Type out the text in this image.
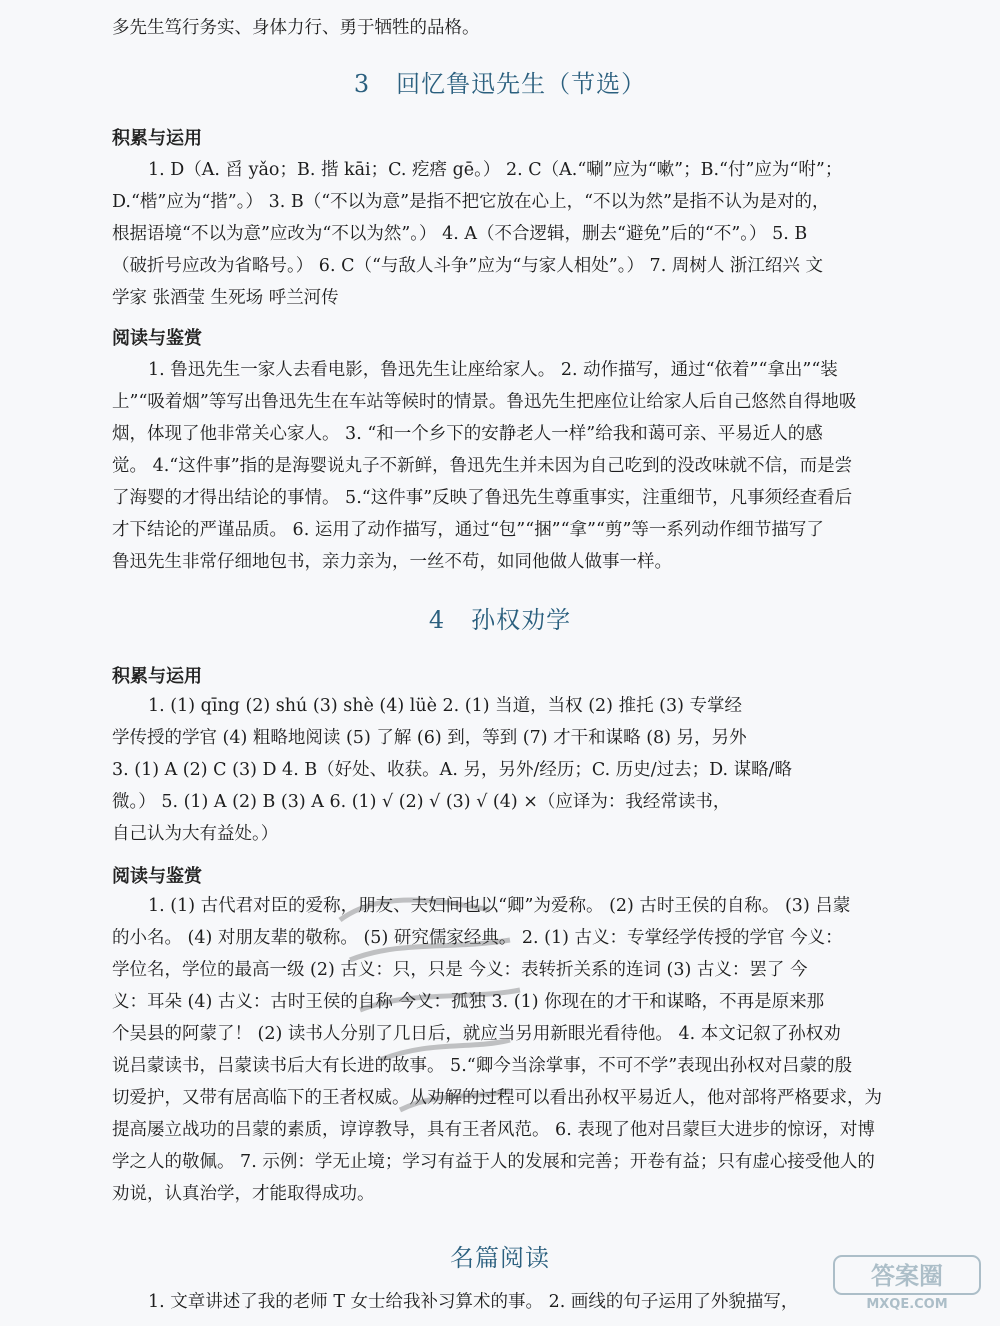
多先生笃行务实、身体力行、勇于牺牲的品格。
3 回忆鲁迅先生（节选）
积累与运用
1. D（A. 舀 yǎo；B. 揩 kāi；C. 疙瘩 gē。） 2. C（A.“唰”应为“嗽”；B.“付”应为“咐”；
D.“楷”应为“揩”。） 3. B（“不以为意”是指不把它放在心上，“不以为然”是指不认为是对的，
根据语境“不以为意”应改为“不以为然”。） 4. A（不合逻辑，删去“避免”后的“不”。） 5. B
（破折号应改为省略号。） 6. C（“与敌人斗争”应为“与家人相处”。） 7. 周树人 浙江绍兴 文
学家 张酒莹 生死场 呼兰河传
阅读与鉴赏
1. 鲁迅先生一家人去看电影，鲁迅先生让座给家人。 2. 动作描写，通过“依着”“拿出”“装
上”“吸着烟”等写出鲁迅先生在车站等候时的情景。鲁迅先生把座位让给家人后自己悠然自得地吸
烟，体现了他非常关心家人。 3. “和一个乡下的安静老人一样”给我和蔼可亲、平易近人的感
觉。 4.“这件事”指的是海婴说丸子不新鲜，鲁迅先生并未因为自己吃到的没改味就不信，而是尝
了海婴的才得出结论的事情。 5.“这件事”反映了鲁迅先生尊重事实，注重细节，凡事须经查看后
才下结论的严谨品质。 6. 运用了动作描写，通过“包”“捆”“拿”“剪”等一系列动作细节描写了
鲁迅先生非常仔细地包书，亲力亲为，一丝不苟，如同他做人做事一样。
4 孙权劝学
积累与运用
1. (1) qīng (2) shú (3) shè (4) lüè 2. (1) 当道，当权 (2) 推托 (3) 专掌经
学传授的学官 (4) 粗略地阅读 (5) 了解 (6) 到，等到 (7) 才干和谋略 (8) 另，另外
3. (1) A (2) C (3) D 4. B（好处、收获。A. 另，另外/经历；C. 历史/过去；D. 谋略/略
微。） 5. (1) A (2) B (3) A 6. (1) √ (2) √ (3) √ (4) ×（应译为：我经常读书，
自己认为大有益处。）
阅读与鉴赏
1. (1) 古代君对臣的爱称，朋友、夫妇间也以“卿”为爱称。 (2) 古时王侯的自称。 (3) 吕蒙
的小名。 (4) 对朋友辈的敬称。 (5) 研究儒家经典。 2. (1) 古义：专掌经学传授的学官 今义：
学位名，学位的最高一级 (2) 古义：只，只是 今义：表转折关系的连词 (3) 古义：罢了 今
义：耳朵 (4) 古义：古时王侯的自称 今义：孤独 3. (1) 你现在的才干和谋略，不再是原来那
个吴县的阿蒙了！ (2) 读书人分别了几日后，就应当另用新眼光看待他。 4. 本文记叙了孙权劝
说吕蒙读书，吕蒙读书后大有长进的故事。 5.“卿今当涂掌事，不可不学”表现出孙权对吕蒙的殷
切爱护，又带有居高临下的王者权威。从劝解的过程可以看出孙权平易近人，他对部将严格要求，为
提高屡立战功的吕蒙的素质，谆谆教导，具有王者风范。 6. 表现了他对吕蒙巨大进步的惊讶，对博
学之人的敬佩。 7. 示例：学无止境；学习有益于人的发展和完善；开卷有益；只有虚心接受他人的
劝说，认真治学，才能取得成功。
名篇阅读
1. 文章讲述了我的老师 T 女士给我补习算术的事。 2. 画线的句子运用了外貌描写，
答案圈
MXQE.COM
